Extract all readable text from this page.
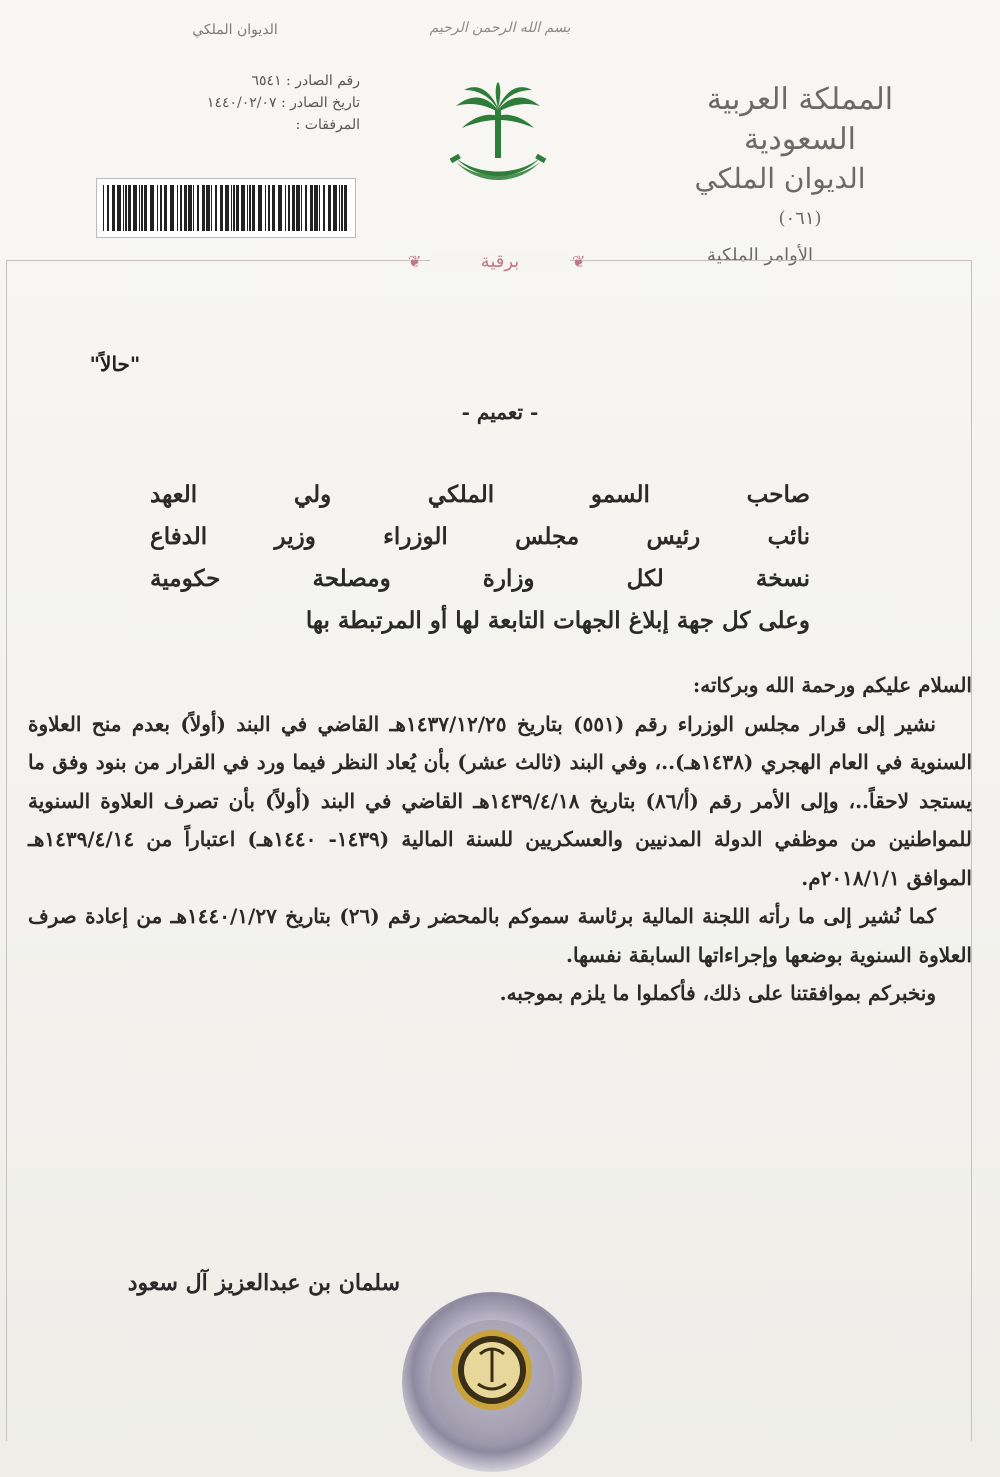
بسم الله الرحمن الرحيم
المملكة العربية السعودية
الديوان الملكي
(٠٦١)
الأوامر الملكية
الديوان الملكي
رقم الصادر : ٦٥٤١
تاريخ الصادر : ١٤٤٠/٠٢/٠٧
المرفقات :
❦	برقية	❦
"حالاً"
- تعميم -
صاحب السمو الملكي ولي العهد
نائب رئيس مجلس الوزراء وزير الدفاع
نسخة لكل وزارة ومصلحة حكومية
وعلى كل جهة إبلاغ الجهات التابعة لها أو المرتبطة بها

السلام عليكم ورحمة الله وبركاته:

نشير إلى قرار مجلس الوزراء رقم (٥٥١) بتاريخ ١٤٣٧/١٢/٢٥هـ القاضي في البند (أولاً) بعدم منح العلاوة السنوية في العام الهجري (١٤٣٨هـ)..، وفي البند (ثالث عشر) بأن يُعاد النظر فيما ورد في القرار من بنود وفق ما يستجد لاحقاً..، وإلى الأمر رقم (أ/٨٦) بتاريخ ١٤٣٩/٤/١٨هـ القاضي في البند (أولاً) بأن تصرف العلاوة السنوية للمواطنين من موظفي الدولة المدنيين والعسكريين للسنة المالية (١٤٣٩- ١٤٤٠هـ) اعتباراً من ١٤٣٩/٤/١٤هـ الموافق ٢٠١٨/١/١م.

كما نُشير إلى ما رأته اللجنة المالية برئاسة سموكم بالمحضر رقم (٢٦) بتاريخ ١٤٤٠/١/٢٧هـ من إعادة صرف العلاوة السنوية بوضعها وإجراءاتها السابقة نفسها.

ونخبركم بموافقتنا على ذلك، فأكملوا ما يلزم بموجبه.

سلمان بن عبدالعزيز آل سعود
